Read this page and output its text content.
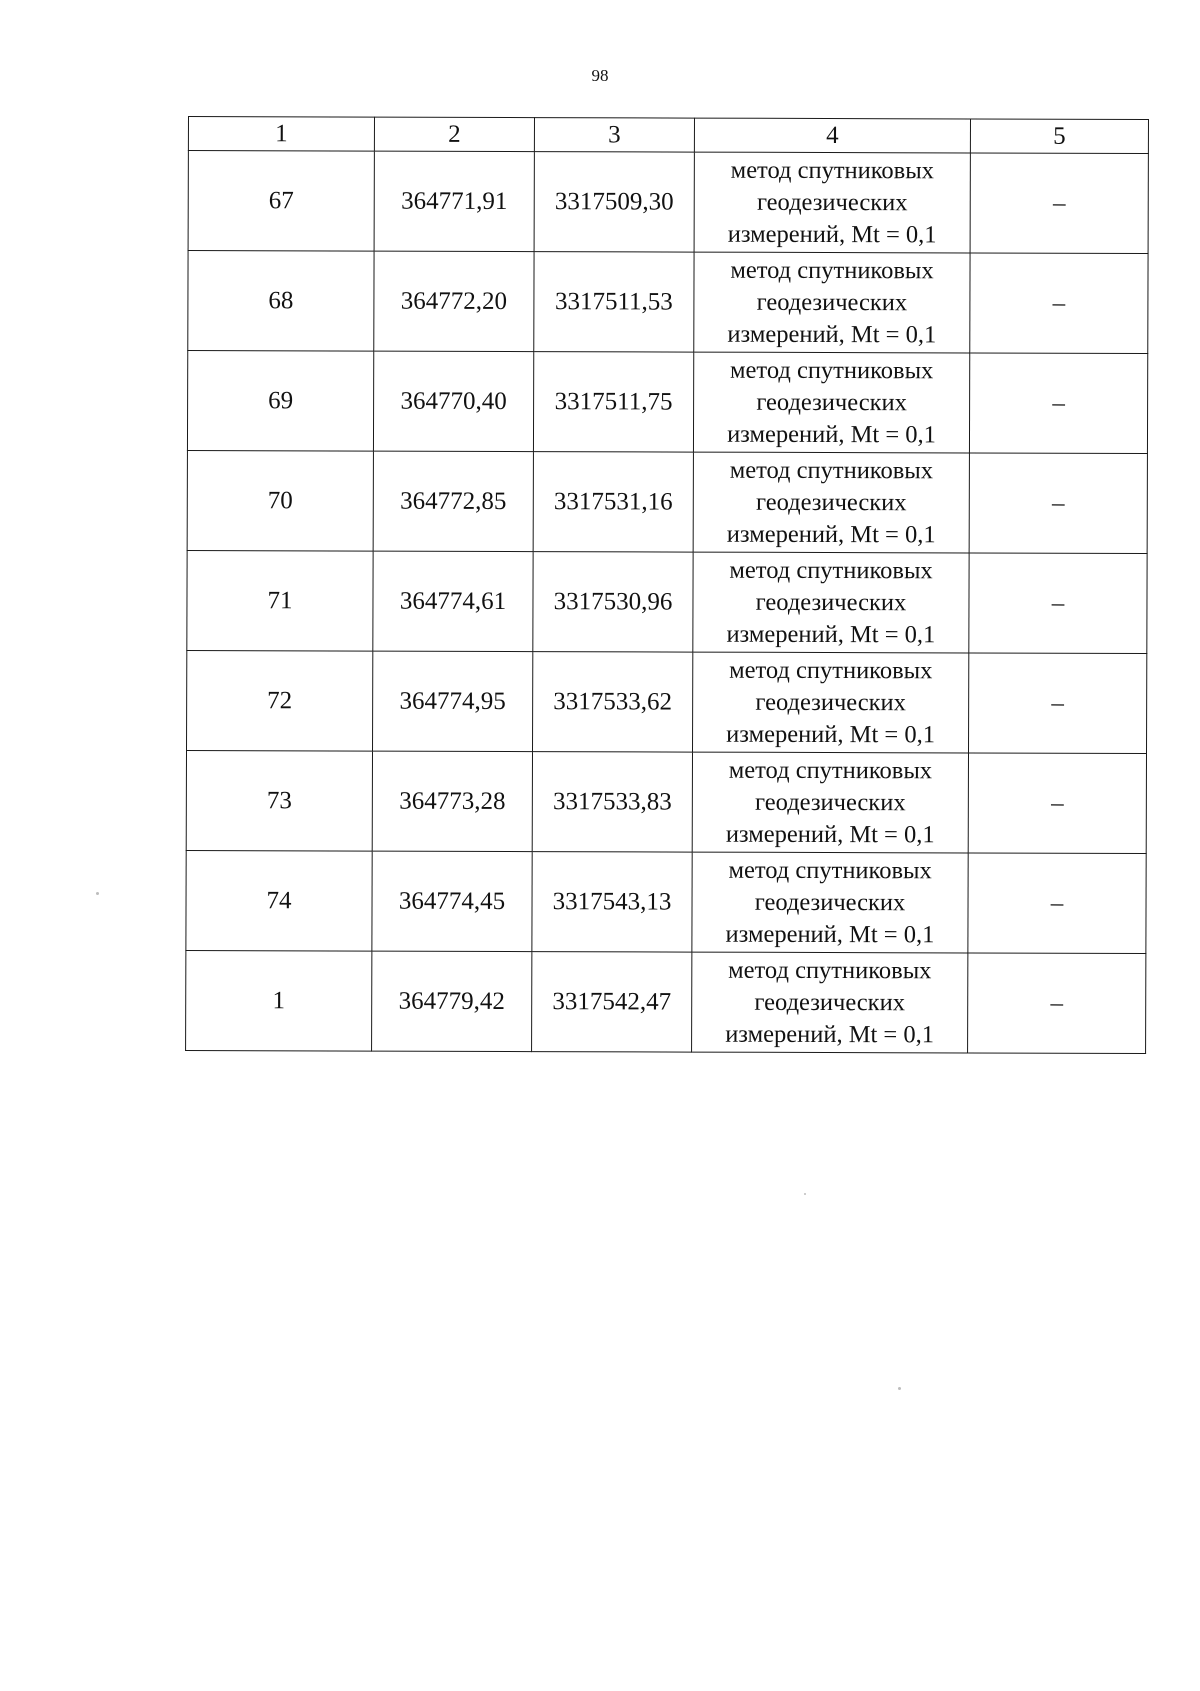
98
1	2	3	4	5
67	364771,91	3317509,30	метод спутниковых геодезических измерений, Mt = 0,1	–
68	364772,20	3317511,53	метод спутниковых геодезических измерений, Mt = 0,1	–
69	364770,40	3317511,75	метод спутниковых геодезических измерений, Mt = 0,1	–
70	364772,85	3317531,16	метод спутниковых геодезических измерений, Mt = 0,1	–
71	364774,61	3317530,96	метод спутниковых геодезических измерений, Mt = 0,1	–
72	364774,95	3317533,62	метод спутниковых геодезических измерений, Mt = 0,1	–
73	364773,28	3317533,83	метод спутниковых геодезических измерений, Mt = 0,1	–
74	364774,45	3317543,13	метод спутниковых геодезических измерений, Mt = 0,1	–
1	364779,42	3317542,47	метод спутниковых геодезических измерений, Mt = 0,1	–
